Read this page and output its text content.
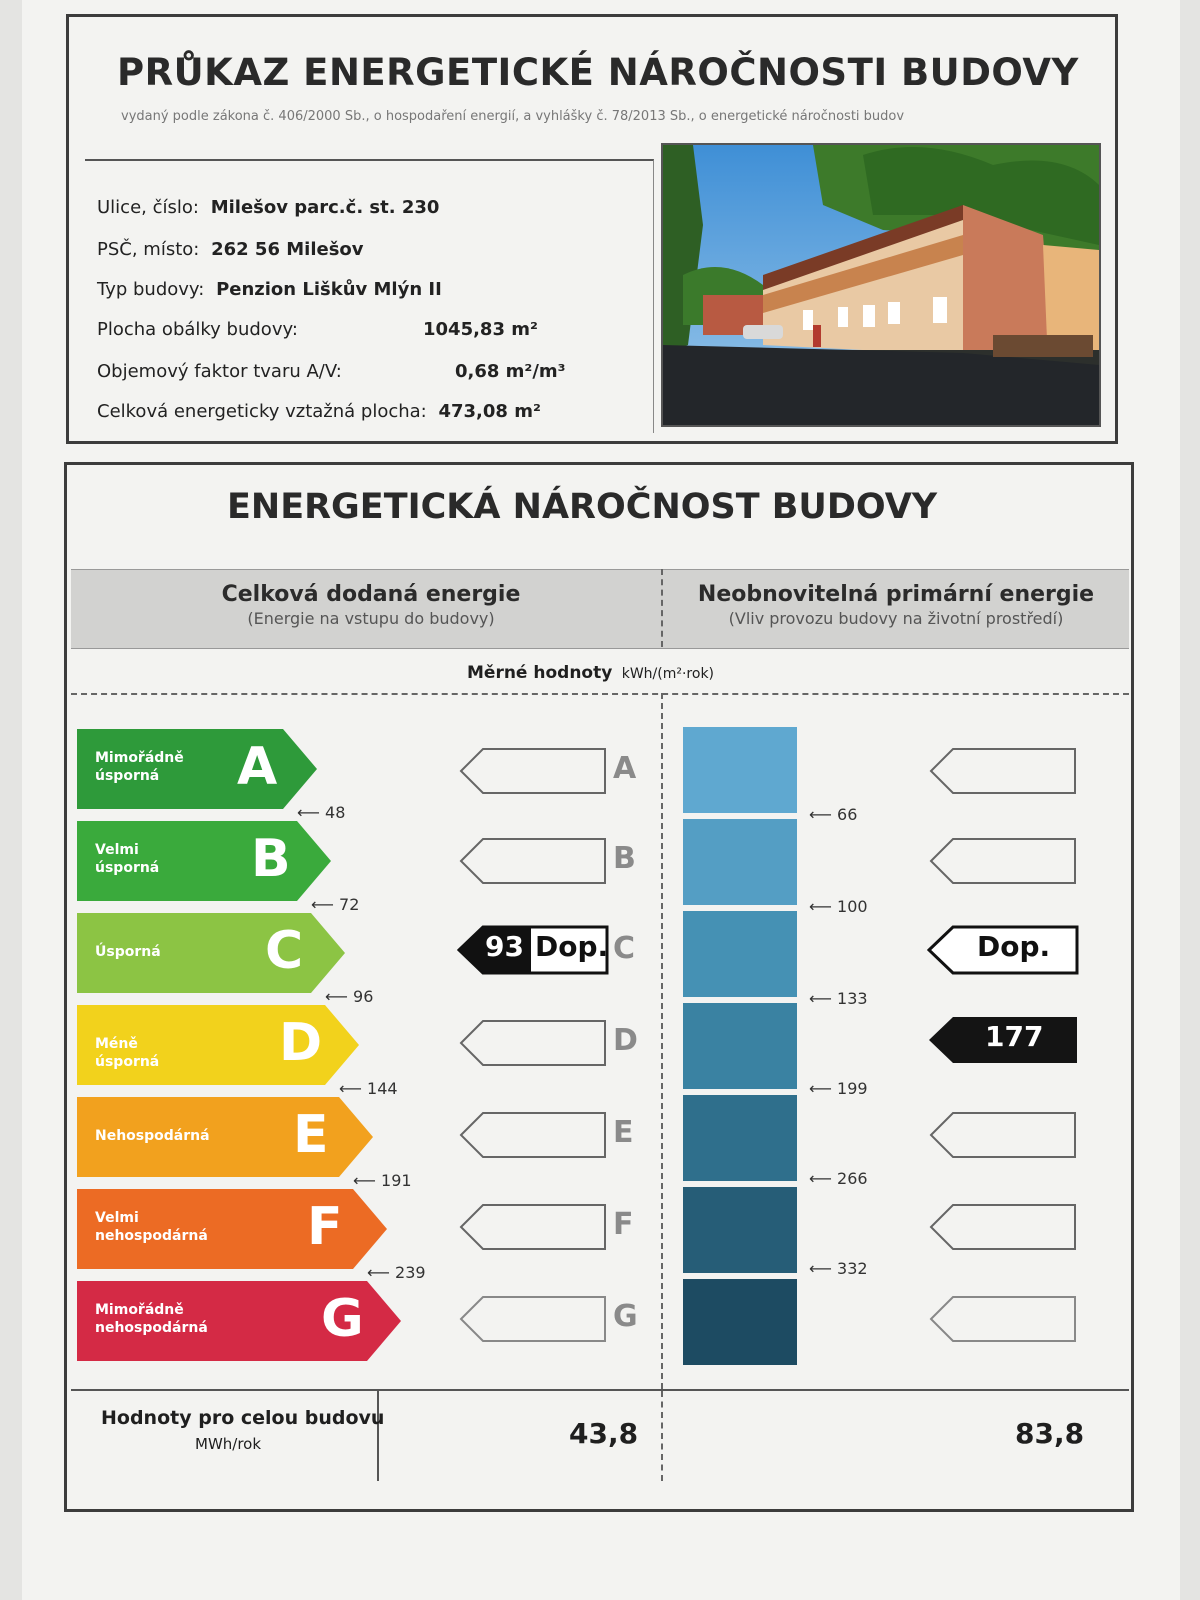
PRŮKAZ ENERGETICKÉ NÁROČNOSTI BUDOVY
vydaný podle zákona č. 406/2000 Sb., o hospodaření energií, a vyhlášky č. 78/2013 Sb., o energetické náročnosti budov
Ulice, číslo: Milešov parc.č. st. 230
PSČ, místo: 262 56 Milešov
Typ budovy: Penzion Liškův Mlýn II
Plocha obálky budovy:	1045,83 m²
Objemový faktor tvaru A/V:	0,68 m²/m³
Celková energeticky vztažná plocha: 473,08 m²
ENERGETICKÁ NÁROČNOST BUDOVY
Celková dodaná energie
(Energie na vstupu do budovy)
Neobnovitelná primární energie
(Vliv provozu budovy na životní prostředí)
Měrné hodnoty kWh/(m²·rok)
Mimořádně
úsporná	A
Velmi
úsporná B
Úsporná C
Méně úsporná D
Nehospodárná E
Velmi
nehospodárná F
Mimořádně
nehospodárná G
⟵ 48
⟵ 72
⟵ 96
⟵ 144
⟵ 191
⟵ 239
A
B
93 Dop. C
D
E
F
G
⟵ 66
⟵ 100
⟵ 133
⟵ 199
⟵ 266
⟵ 332
Dop.
177
Hodnoty pro celou budovu
MWh/rok	43,8	83,8
